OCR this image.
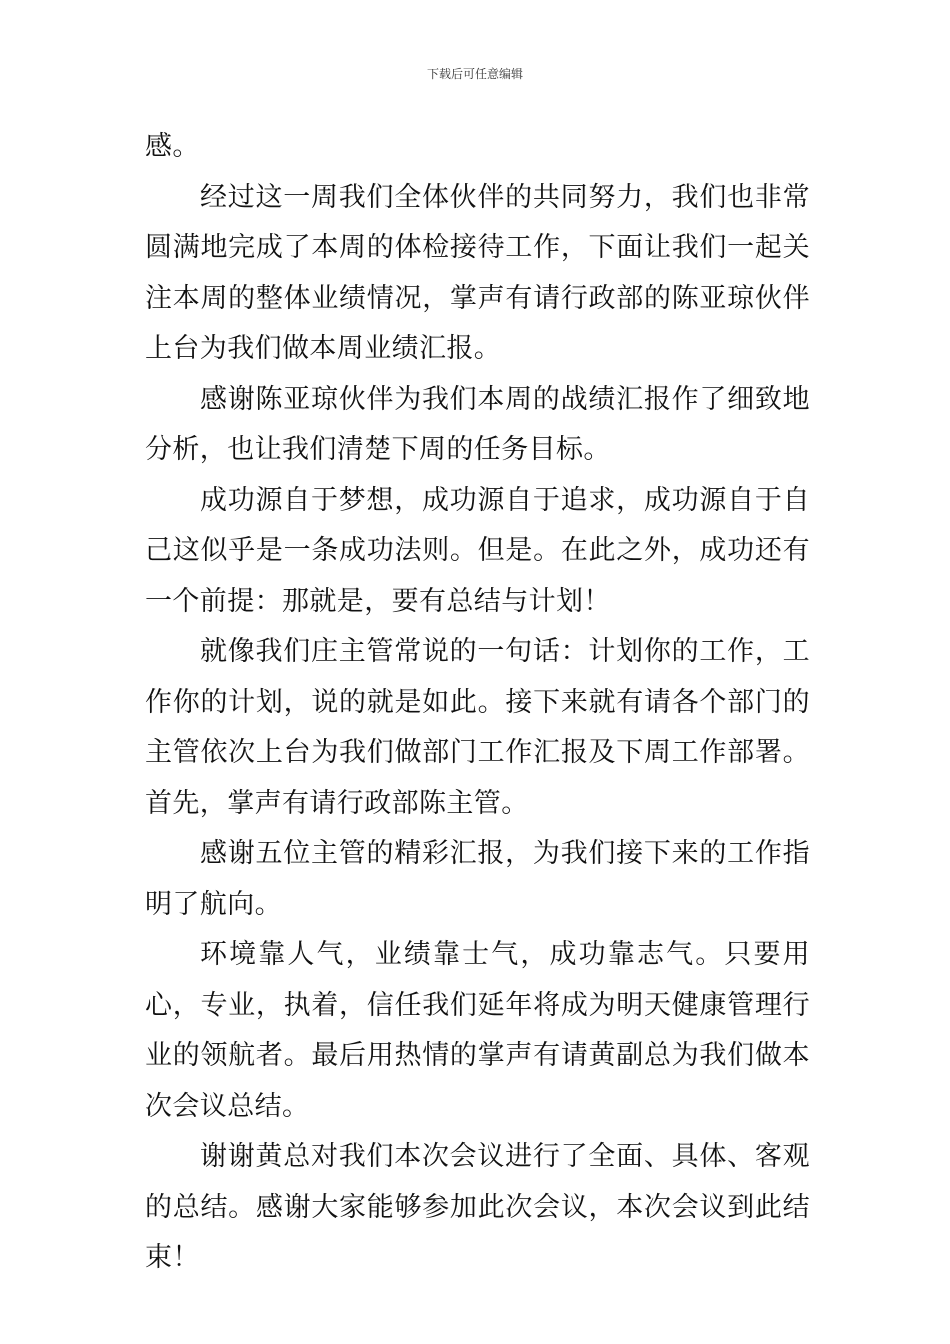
下载后可任意编辑

感。

经过这一周我们全体伙伴的共同努力，我们也非常圆满地完成了本周的体检接待工作，下面让我们一起关注本周的整体业绩情况，掌声有请行政部的陈亚琼伙伴上台为我们做本周业绩汇报。

感谢陈亚琼伙伴为我们本周的战绩汇报作了细致地分析，也让我们清楚下周的任务目标。

成功源自于梦想，成功源自于追求，成功源自于自己这似乎是一条成功法则。但是。在此之外，成功还有一个前提：那就是，要有总结与计划！

就像我们庄主管常说的一句话：计划你的工作，工作你的计划，说的就是如此。接下来就有请各个部门的主管依次上台为我们做部门工作汇报及下周工作部署。首先，掌声有请行政部陈主管。

感谢五位主管的精彩汇报，为我们接下来的工作指明了航向。

环境靠人气，业绩靠士气，成功靠志气。只要用心，专业，执着，信任我们延年将成为明天健康管理行业的领航者。最后用热情的掌声有请黄副总为我们做本次会议总结。

谢谢黄总对我们本次会议进行了全面、具体、客观的总结。感谢大家能够参加此次会议，本次会议到此结束！
